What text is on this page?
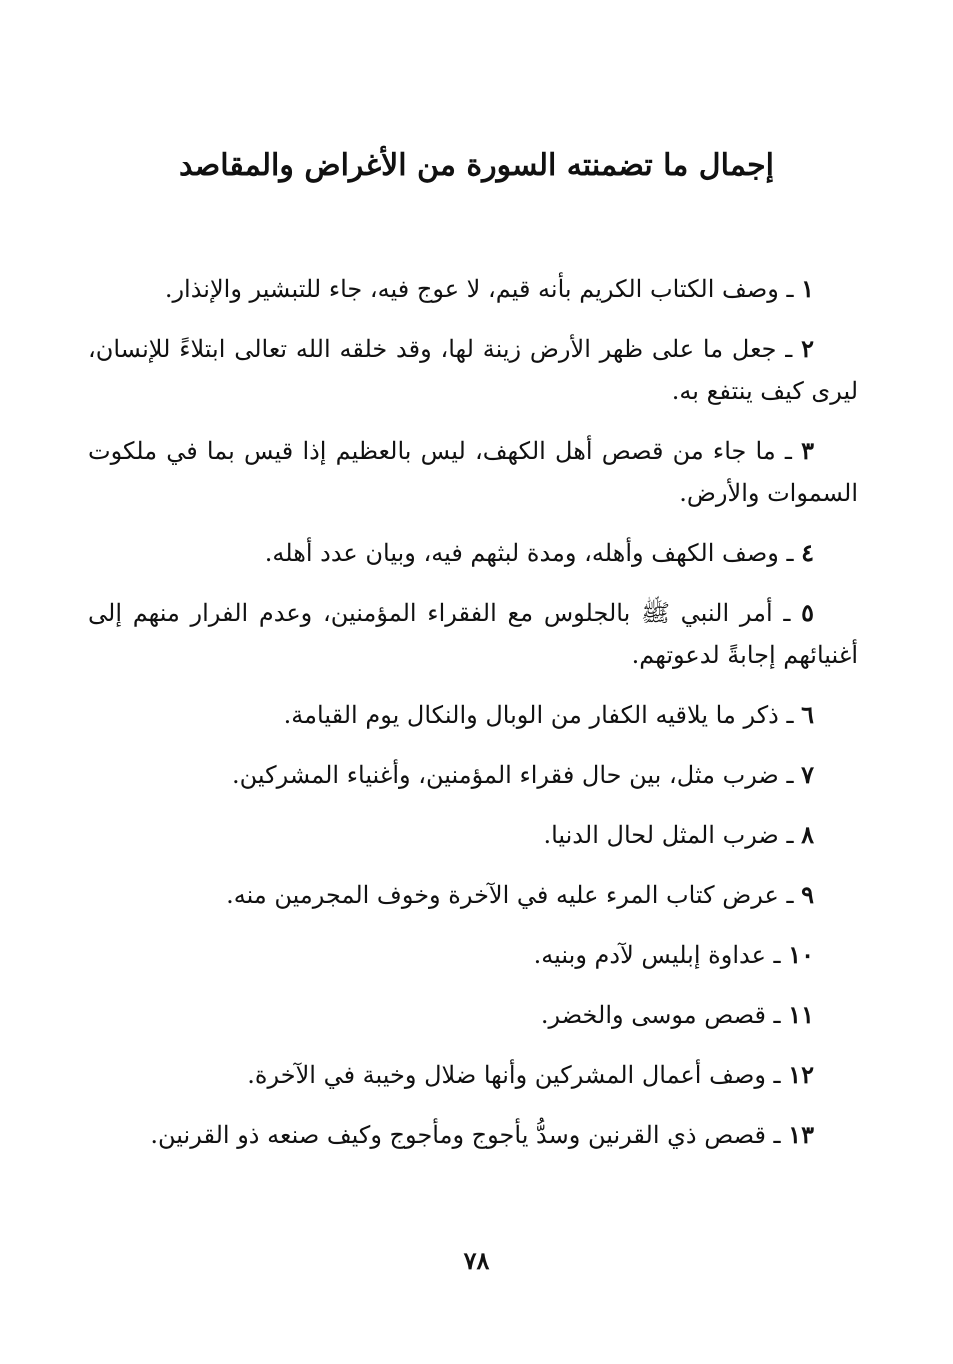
إجمال ما تضمنته السورة من الأغراض والمقاصد
١ ـ وصف الكتاب الكريم بأنه قيم، لا عوج فيه، جاء للتبشير والإنذار.
٢ ـ جعل ما على ظهر الأرض زينة لها، وقد خلقه الله تعالى ابتلاءً للإنسان، ليرى كيف ينتفع به.
٣ ـ ما جاء من قصص أهل الكهف، ليس بالعظيم إذا قيس بما في ملكوت السموات والأرض.
٤ ـ وصف الكهف وأهله، ومدة لبثهم فيه، وبيان عدد أهله.
٥ ـ أمر النبي ﷺ بالجلوس مع الفقراء المؤمنين، وعدم الفرار منهم إلى أغنيائهم إجابةً لدعوتهم.
٦ ـ ذكر ما يلاقيه الكفار من الوبال والنكال يوم القيامة.
٧ ـ ضرب مثل، بين حال فقراء المؤمنين، وأغنياء المشركين.
٨ ـ ضرب المثل لحال الدنيا.
٩ ـ عرض كتاب المرء عليه في الآخرة وخوف المجرمين منه.
١٠ ـ عداوة إبليس لآدم وبنيه.
١١ ـ قصص موسى والخضر.
١٢ ـ وصف أعمال المشركين وأنها ضلال وخيبة في الآخرة.
١٣ ـ قصص ذي القرنين وسدُّ يأجوج ومأجوج وكيف صنعه ذو القرنين.
٧٨
